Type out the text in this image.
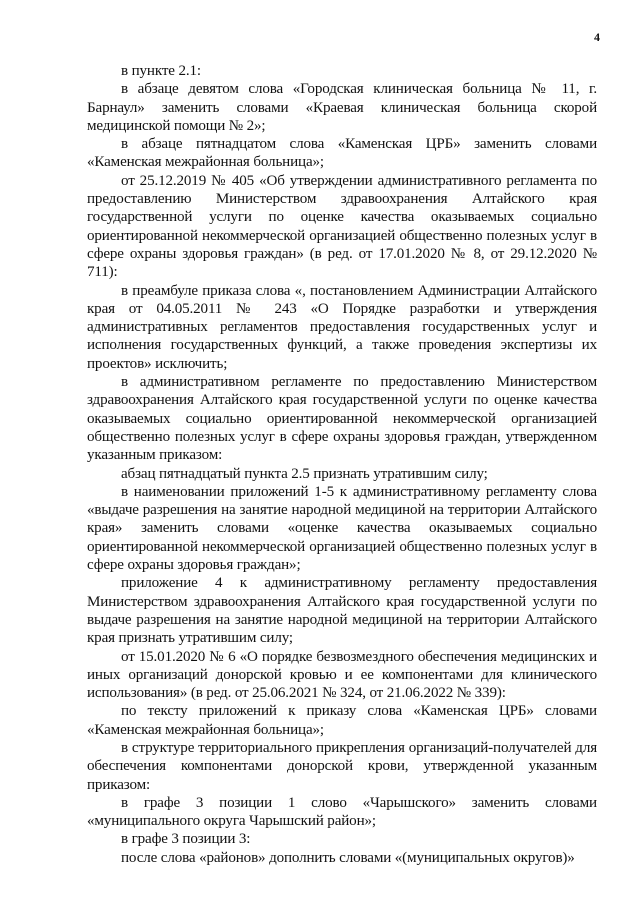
4

в пункте 2.1:

в абзаце девятом слова «Городская клиническая больница № 11, г. Барнаул» заменить словами «Краевая клиническая больница скорой медицинской помощи № 2»;

в абзаце пятнадцатом слова «Каменская ЦРБ» заменить словами «Каменская межрайонная больница»;

от 25.12.2019 № 405 «Об утверждении административного регламента по предоставлению Министерством здравоохранения Алтайского края государственной услуги по оценке качества оказываемых социально ориентированной некоммерческой организацией общественно полезных услуг в сфере охраны здоровья граждан» (в ред. от 17.01.2020 № 8, от 29.12.2020 № 711):

в преамбуле приказа слова «, постановлением Администрации Алтайского края от 04.05.2011 № 243 «О Порядке разработки и утверждения административных регламентов предоставления государственных услуг и исполнения государственных функций, а также проведения экспертизы их проектов» исключить;

в административном регламенте по предоставлению Министерством здравоохранения Алтайского края государственной услуги по оценке качества оказываемых социально ориентированной некоммерческой организацией общественно полезных услуг в сфере охраны здоровья граждан, утвержденном указанным приказом:

абзац пятнадцатый пункта 2.5 признать утратившим силу;

в наименовании приложений 1-5 к административному регламенту слова «выдаче разрешения на занятие народной медициной на территории Алтайского края» заменить словами «оценке качества оказываемых социально ориентированной некоммерческой организацией общественно полезных услуг в сфере охраны здоровья граждан»;

приложение 4 к административному регламенту предоставления Министерством здравоохранения Алтайского края государственной услуги по выдаче разрешения на занятие народной медициной на территории Алтайского края признать утратившим силу;

от 15.01.2020 № 6 «О порядке безвозмездного обеспечения медицинских и иных организаций донорской кровью и ее компонентами для клинического использования» (в ред. от 25.06.2021 № 324, от 21.06.2022 № 339):

по тексту приложений к приказу слова «Каменская ЦРБ» словами «Каменская межрайонная больница»;

в структуре территориального прикрепления организаций-получателей для обеспечения компонентами донорской крови, утвержденной указанным приказом:

в графе 3 позиции 1 слово «Чарышского» заменить словами «муниципального округа Чарышский район»;

в графе 3 позиции 3:

после слова «районов» дополнить словами «(муниципальных округов)»
